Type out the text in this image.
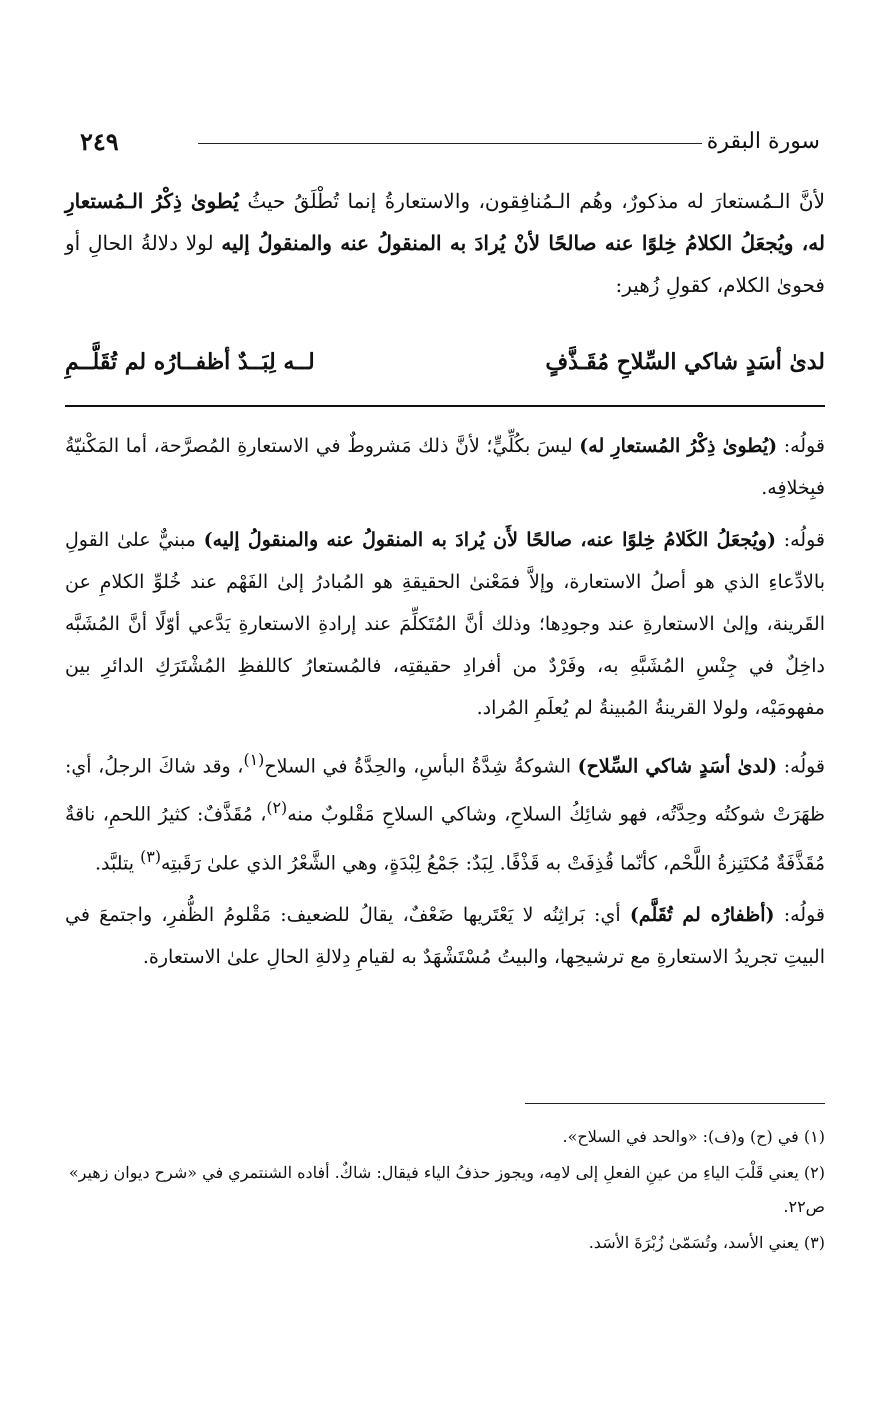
سورة البقرة
٢٤٩

لأنَّ الـمُستعارَ له مذكورٌ، وهُم الـمُنافِقون، والاستعارةُ إنما تُطْلَقُ حيثُ يُطوىٰ ذِكْرُ الـمُستعارِ له، ويُجعَلُ الكلامُ خِلوًا عنه صالحًا لأنْ يُرادَ به المنقولُ عنه والمنقولُ إليه لولا دلالةُ الحالِ أو فحوىٰ الكلام، كقولِ زُهير:

لدىٰ أسَدٍ شاكي السِّلاحِ مُقَـذَّفٍ
لــه لِبَــدٌ أظفــارُه لم تُقَلَّــمِ

قولُه: (يُطوىٰ ذِكْرُ المُستعارِ له) ليسَ بكُلِّيٍّ؛ لأنَّ ذلك مَشروطٌ في الاستعارةِ المُصرَّحة، أما المَكْنيّةُ فبِخلافِه.

قولُه: (ويُجعَلُ الكَلامُ خِلوًا عنه، صالحًا لأَن يُرادَ به المنقولُ عنه والمنقولُ إليه) مبنيٌّ علىٰ القولِ بالادِّعاءِ الذي هو أصلُ الاستعارة، وإلاَّ فمَعْنىٰ الحقيقةِ هو المُبادرُ إلىٰ الفَهْم عند خُلوِّ الكلامِ عن القَرينة، وإلىٰ الاستعارةِ عند وجودِها؛ وذلك أنَّ المُتَكلِّمَ عند إرادةِ الاستعارةِ يَدَّعي أوّلًا أنَّ المُشَبَّه داخِلٌ في جِنْسِ المُشَبَّهِ به، وفَرْدٌ من أفرادِ حقيقتِه، فالمُستعارُ كاللفظِ المُشْتَرَكِ الدائرِ بين مفهومَيْه، ولولا القرينةُ المُبينةُ لم يُعلَمِ المُراد.

قولُه: (لدىٰ أسَدٍ شاكي السِّلاح) الشوكةُ شِدَّةُ البأسِ، والحِدَّةُ في السلاح$^{(١)}$، وقد شاكَ الرجلُ، أي: ظهَرَتْ شوكتُه وحِدَّتُه، فهو شائِكُ السلاحِ، وشاكي السلاحِ مَقْلوبٌ منه$^{(٢)}$، مُقَذَّفٌ: كثيرُ اللحمِ، ناقةٌ مُقَذَّفَةٌ مُكتَنِزةُ اللَّحْم، كأنّما قُذِفَتْ به قَذْفًا. لِبَدٌ: جَمْعُ لِبْدَةٍ، وهي الشَّعْرُ الذي علىٰ رَقَبتِه$^{(٣)}$ يتلبَّد.

قولُه: (أظفارُه لم تُقَلَّم) أي: بَراثِنُه لا يَعْتَريها ضَعْفٌ، يقالُ للضعيف: مَقْلومُ الظُّفرِ، واجتمعَ في البيتِ تجريدُ الاستعارةِ مع ترشيحِها، والبيتُ مُسْتَشْهَدٌ به لقيامِ دِلالةِ الحالِ علىٰ الاستعارة.

(١) في (ح) و(ف): «والحد في السلاح».

(٢) يعني قَلْبَ الياءِ من عينِ الفعلِ إلى لامِه، ويجوز حذفُ الياء فيقال: شاكٌ. أفاده الشنتمري في «شرح ديوان زهير» ص٢٢.

(٣) يعني الأسد، وتُسَمّىٰ زُبْرَةَ الأسَد.
